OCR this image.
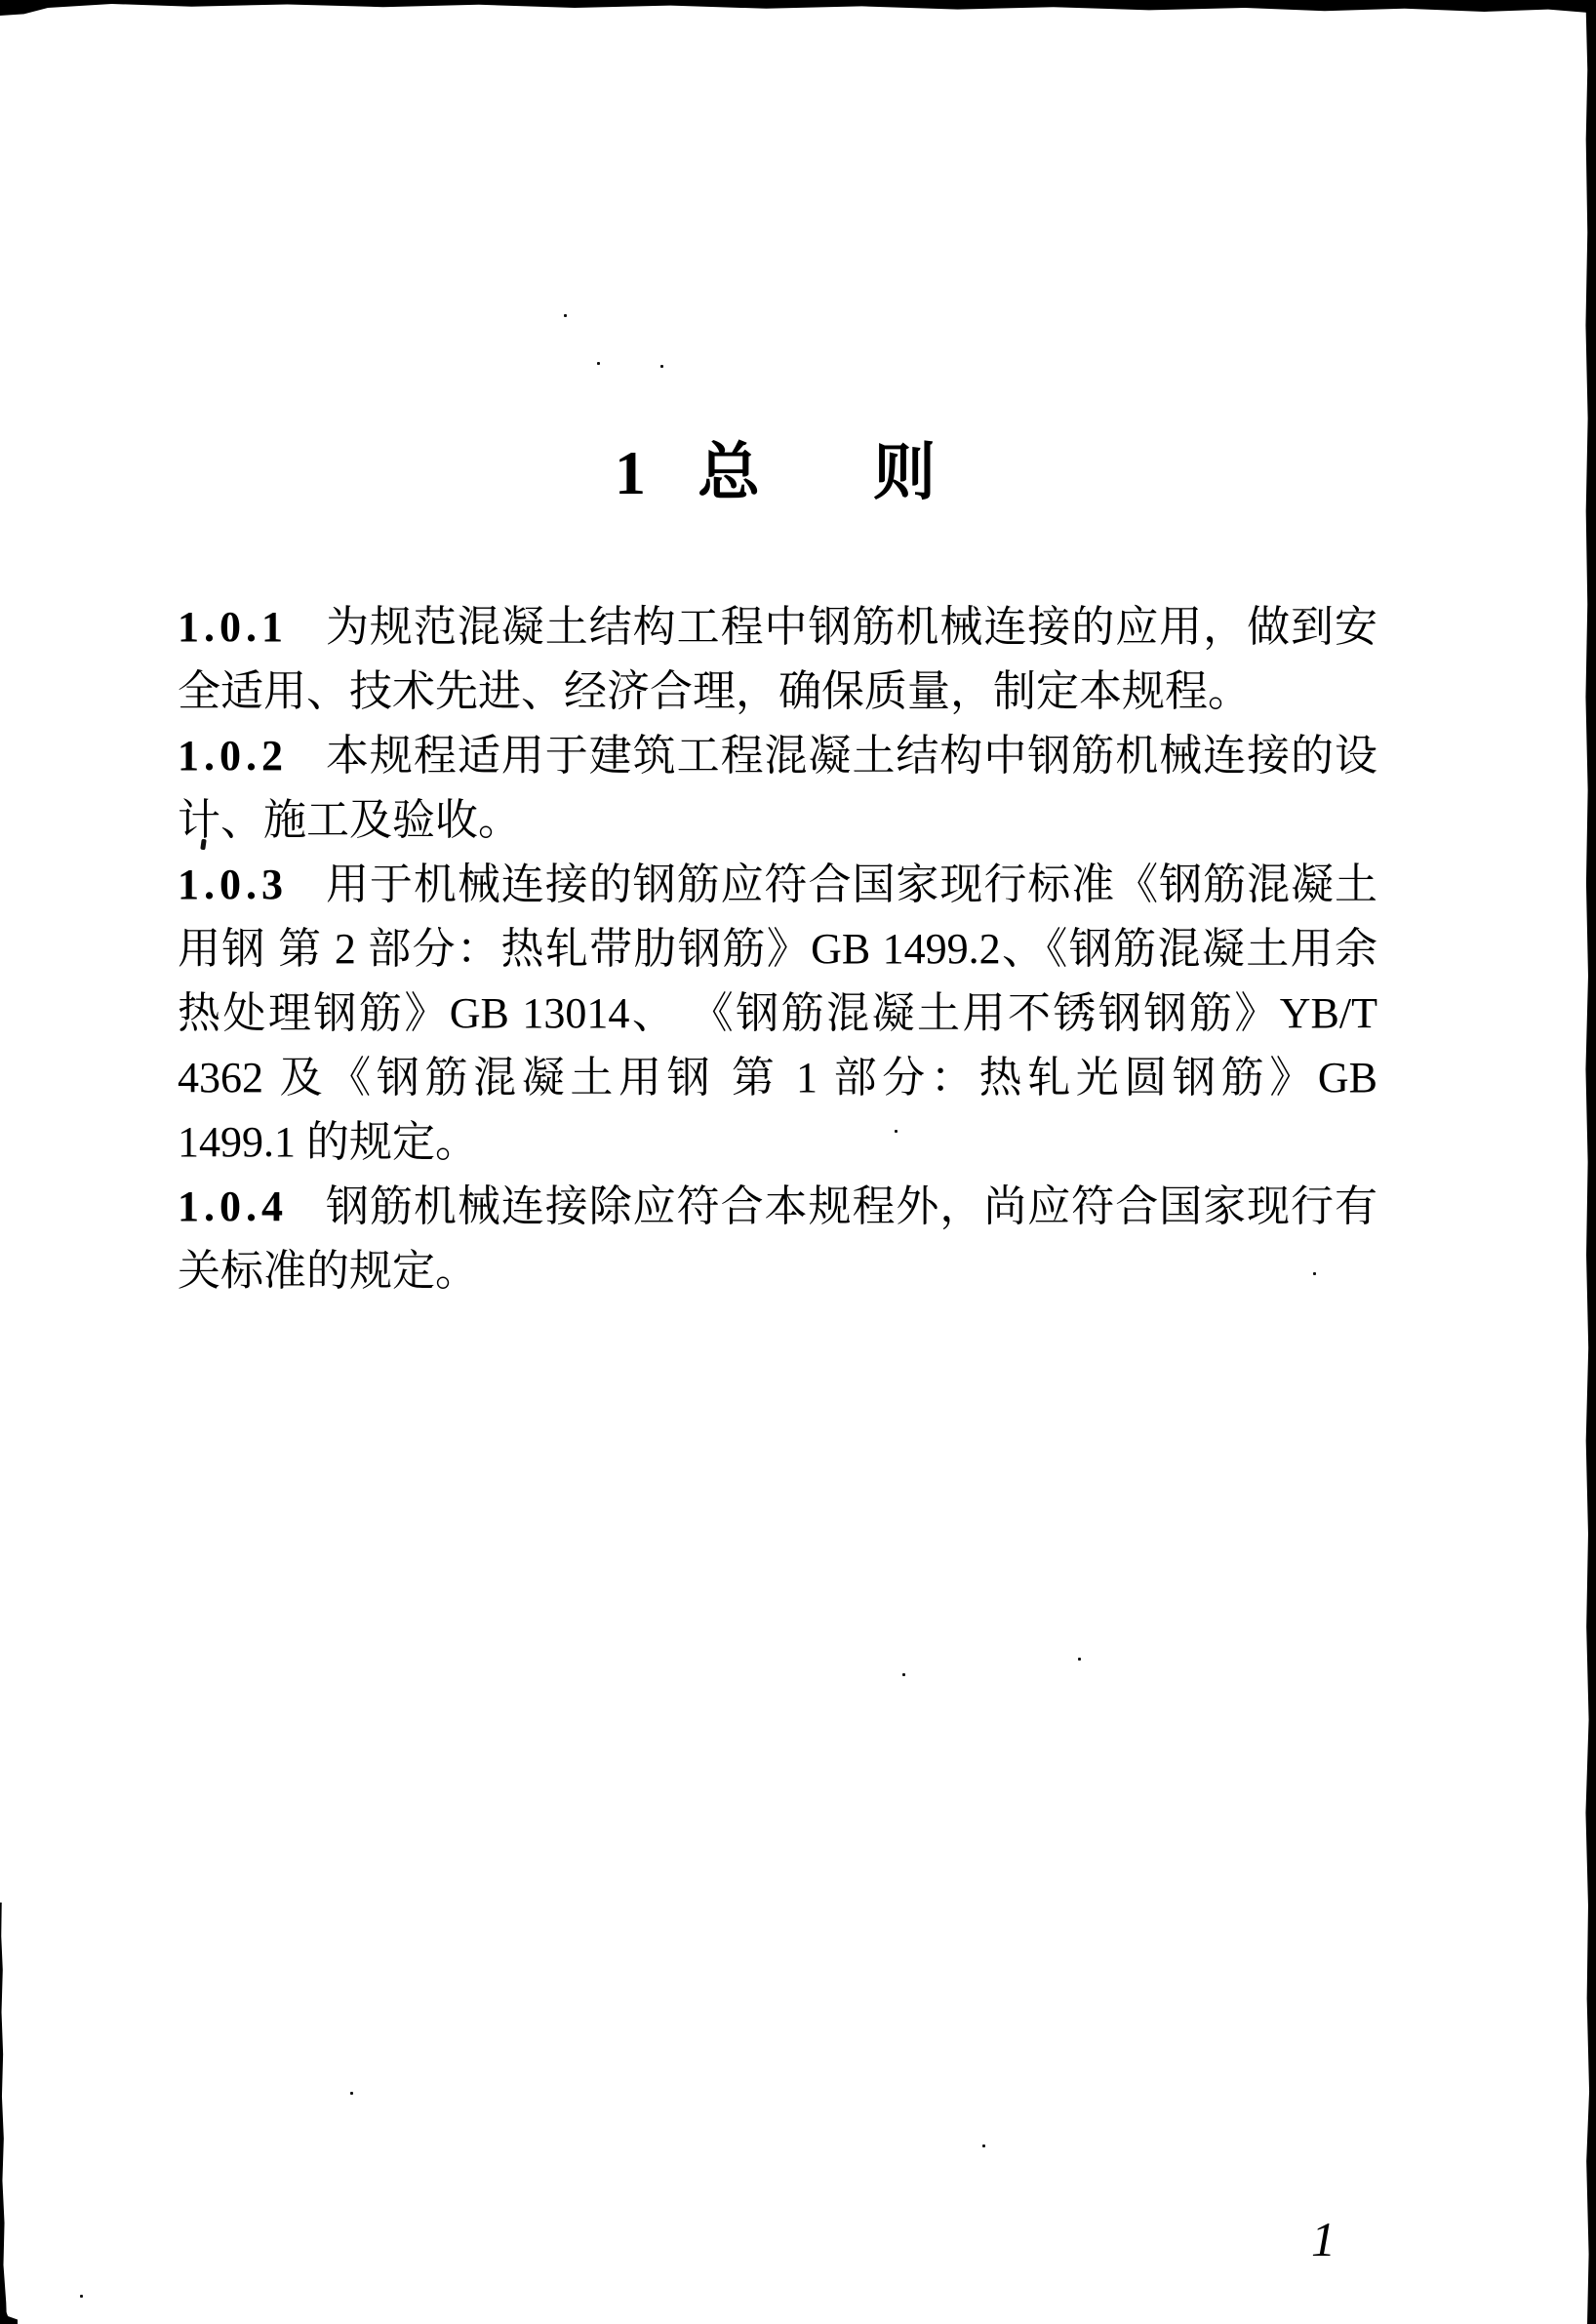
1 总 则
1.0.1 为规范混凝土结构工程中钢筋机械连接的应用，做到安
全适用、技术先进、经济合理，确保质量，制定本规程。
1.0.2 本规程适用于建筑工程混凝土结构中钢筋机械连接的设
计、施工及验收。
1.0.3 用于机械连接的钢筋应符合国家现行标准《钢筋混凝土
用钢 第 2 部分：热轧带肋钢筋》GB 1499.2、《钢筋混凝土用余
热处理钢筋》GB 13014、 《钢筋混凝土用不锈钢钢筋》YB/T
4362 及《钢筋混凝土用钢 第 1 部分：热轧光圆钢筋》GB
1499.1 的规定。
1.0.4 钢筋机械连接除应符合本规程外，尚应符合国家现行有
关标准的规定。
1
